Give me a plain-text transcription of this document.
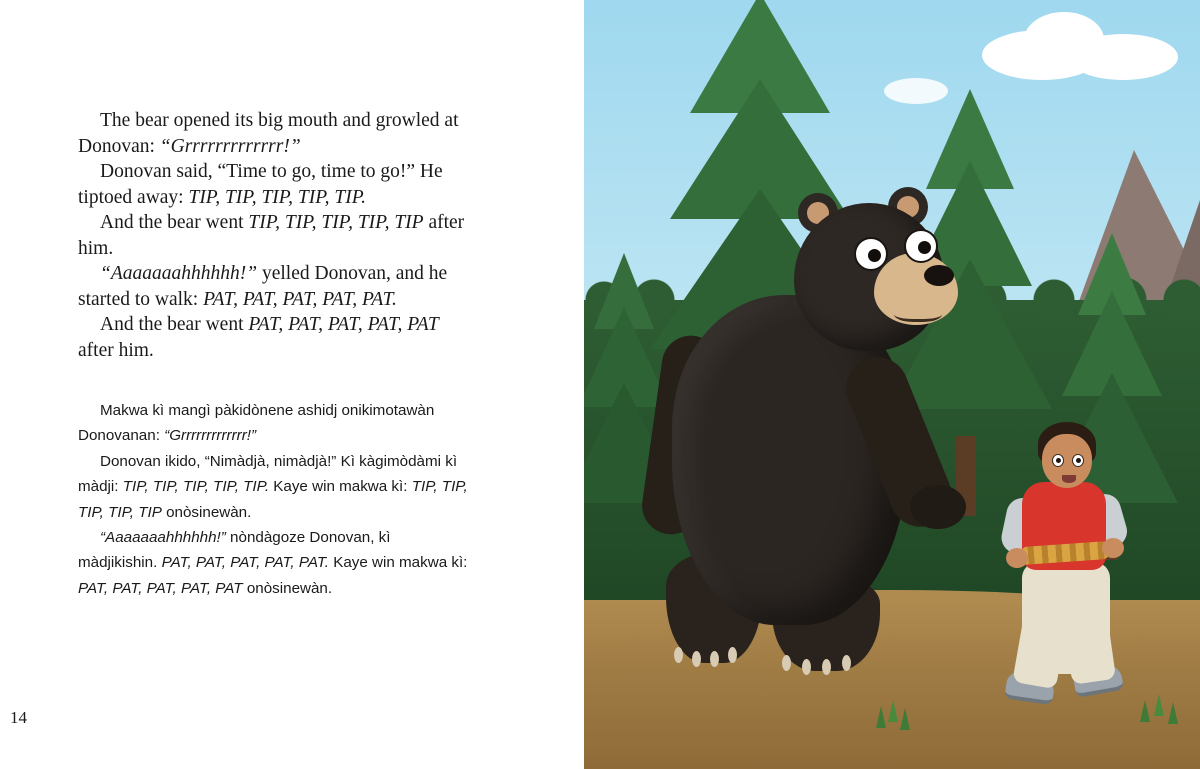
The bear opened its big mouth and growled at Donovan: “Grrrrrrrrrrrrr!”

Donovan said, “Time to go, time to go!” He tiptoed away: TIP, TIP, TIP, TIP, TIP.

And the bear went TIP, TIP, TIP, TIP, TIP after him.

“Aaaaaaahhhhhh!” yelled Donovan, and he started to walk: PAT, PAT, PAT, PAT, PAT.

And the bear went PAT, PAT, PAT, PAT, PAT after him.

Makwa kì mangì pàkidònene ashidj onikimotawàn Donovanan: “Grrrrrrrrrrrrr!”

Donovan ikido, “Nimàdjà, nimàdjà!” Kì kàgimòdàmi kì màdji: TIP, TIP, TIP, TIP, TIP. Kaye win makwa kì: TIP, TIP, TIP, TIP, TIP onòsinewàn.

“Aaaaaaahhhhhh!” nòndàgoze Donovan, kì màdjikishin. PAT, PAT, PAT, PAT, PAT. Kaye win makwa kì: PAT, PAT, PAT, PAT, PAT onòsinewàn.

14
